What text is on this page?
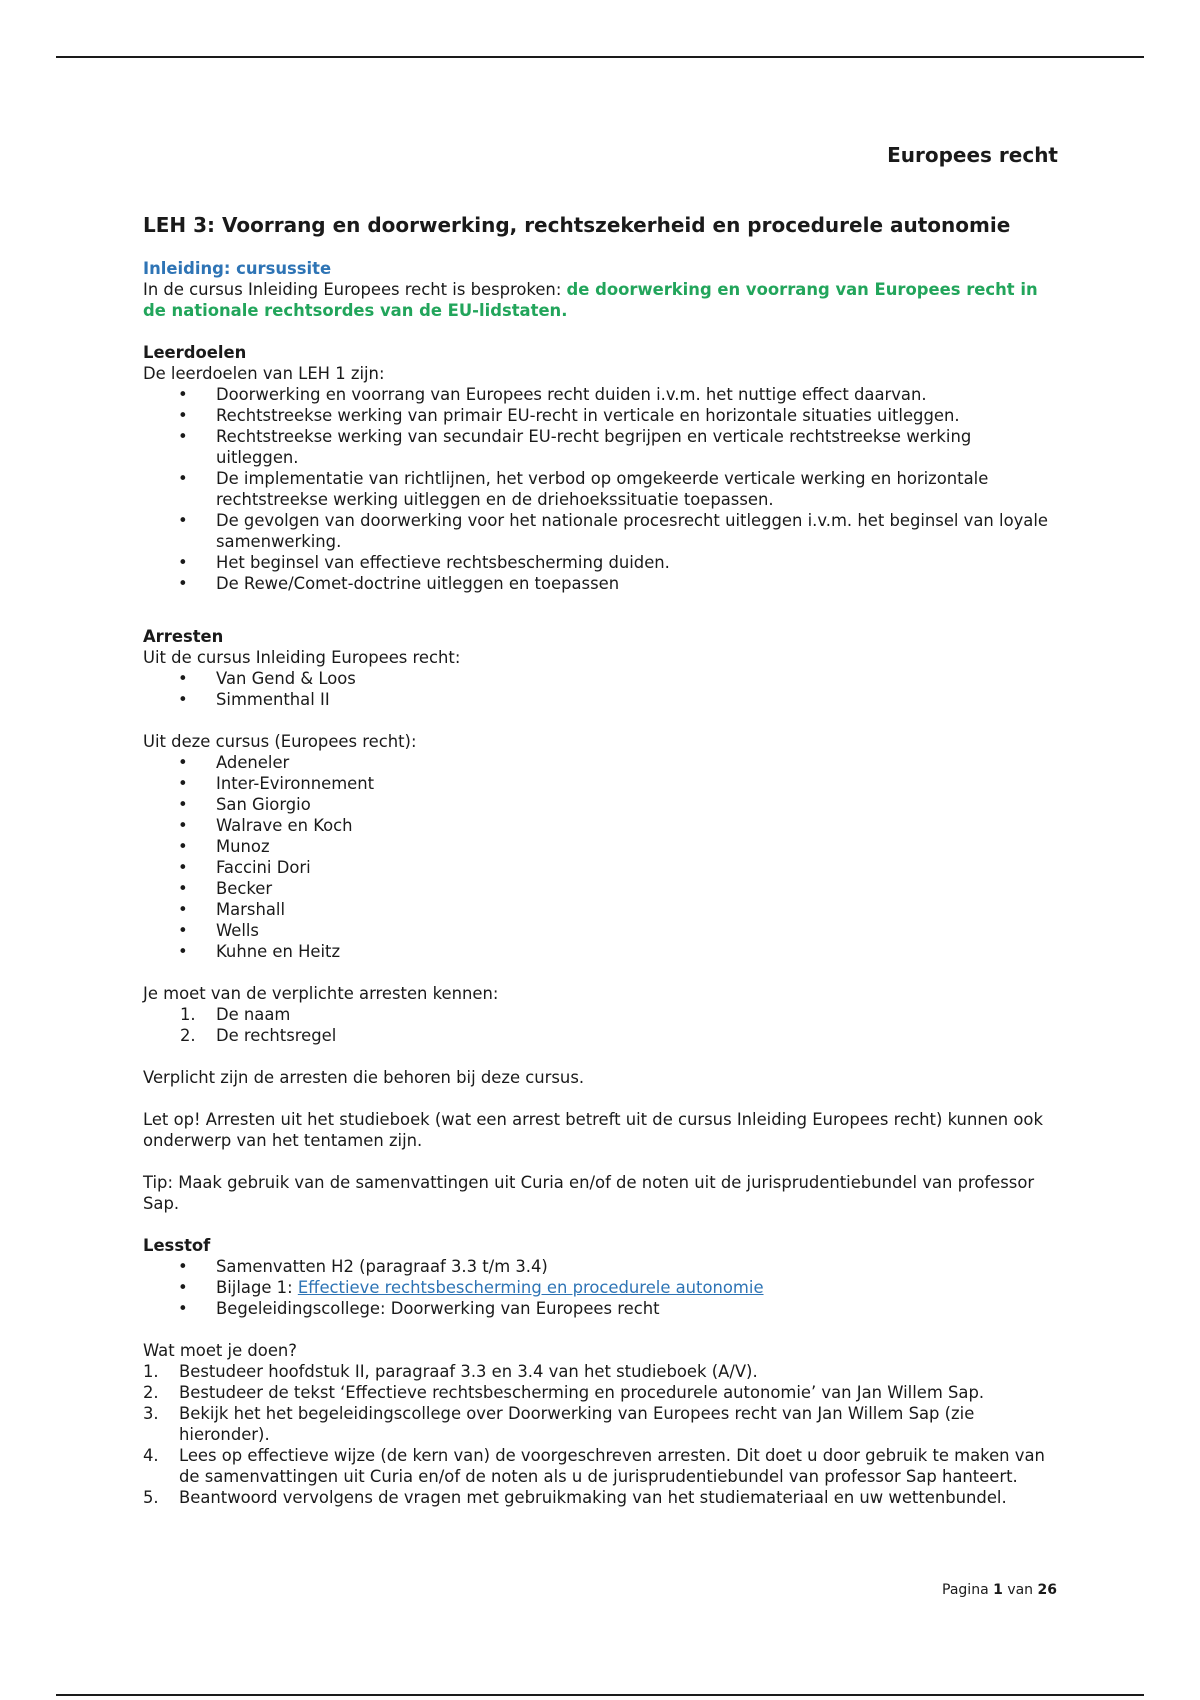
Europees recht
LEH 3: Voorrang en doorwerking, rechtszekerheid en procedurele autonomie

Inleiding: cursussite

In de cursus Inleiding Europees recht is besproken: de doorwerking en voorrang van Europees recht in de nationale rechtsordes van de EU-lidstaten.

Leerdoelen

De leerdoelen van LEH 1 zijn:

• Doorwerking en voorrang van Europees recht duiden i.v.m. het nuttige effect daarvan.
• Rechtstreekse werking van primair EU-recht in verticale en horizontale situaties uitleggen.
• Rechtstreekse werking van secundair EU-recht begrijpen en verticale rechtstreekse werking uitleggen.
• De implementatie van richtlijnen, het verbod op omgekeerde verticale werking en horizontale rechtstreekse werking uitleggen en de driehoekssituatie toepassen.
• De gevolgen van doorwerking voor het nationale procesrecht uitleggen i.v.m. het beginsel van loyale samenwerking.
• Het beginsel van effectieve rechtsbescherming duiden.
• De Rewe/Comet-doctrine uitleggen en toepassen

Arresten

Uit de cursus Inleiding Europees recht:

• Van Gend & Loos
• Simmenthal II

Uit deze cursus (Europees recht):

• Adeneler
• Inter-Evironnement
• San Giorgio
• Walrave en Koch
• Munoz
• Faccini Dori
• Becker
• Marshall
• Wells
• Kuhne en Heitz

Je moet van de verplichte arresten kennen:

1. De naam
2. De rechtsregel

Verplicht zijn de arresten die behoren bij deze cursus.

Let op! Arresten uit het studieboek (wat een arrest betreft uit de cursus Inleiding Europees recht) kunnen ook onderwerp van het tentamen zijn.

Tip: Maak gebruik van de samenvattingen uit Curia en/of de noten uit de jurisprudentiebundel van professor Sap.

Lesstof

• Samenvatten H2 (paragraaf 3.3 t/m 3.4)
• Bijlage 1: Effectieve rechtsbescherming en procedurele autonomie
• Begeleidingscollege: Doorwerking van Europees recht

Wat moet je doen?

1. Bestudeer hoofdstuk II, paragraaf 3.3 en 3.4 van het studieboek (A/V).
2. Bestudeer de tekst ‘Effectieve rechtsbescherming en procedurele autonomie’ van Jan Willem Sap.
3. Bekijk het het begeleidingscollege over Doorwerking van Europees recht van Jan Willem Sap (zie hieronder).
4. Lees op effectieve wijze (de kern van) de voorgeschreven arresten. Dit doet u door gebruik te maken van de samenvattingen uit Curia en/of de noten als u de jurisprudentiebundel van professor Sap hanteert.
5. Beantwoord vervolgens de vragen met gebruikmaking van het studiemateriaal en uw wettenbundel.
Pagina 1 van 26
